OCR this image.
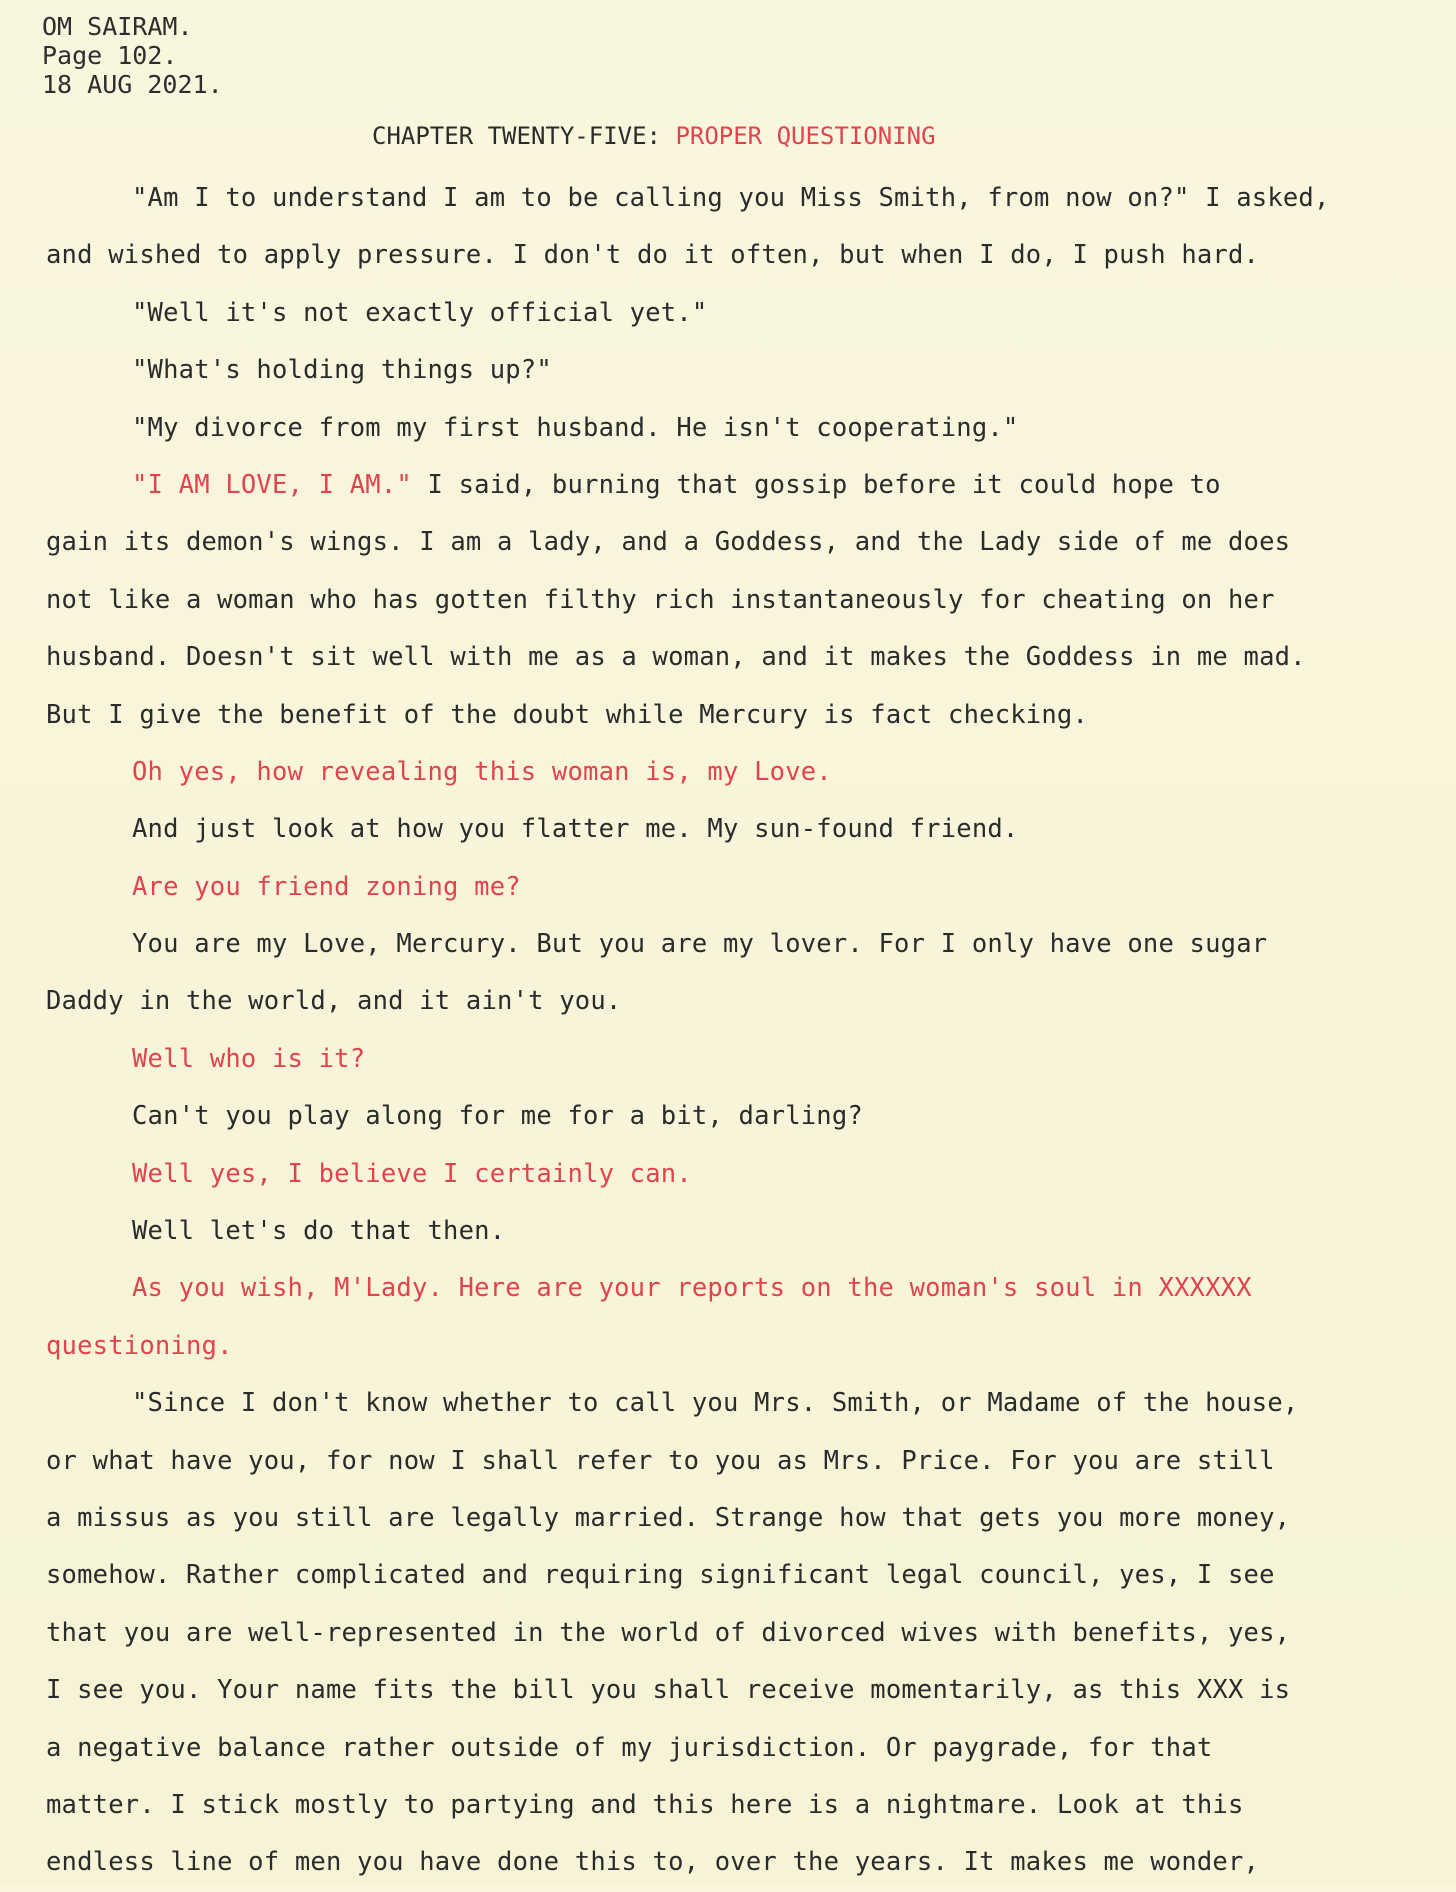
OM SAIRAM.
Page 102.
18 AUG 2021.
CHAPTER TWENTY-FIVE: PROPER QUESTIONING
"Am I to understand I am to be calling you Miss Smith, from now on?" I asked,
and wished to apply pressure. I don't do it often, but when I do, I push hard.
"Well it's not exactly official yet."
"What's holding things up?"
"My divorce from my first husband. He isn't cooperating."
"I AM LOVE, I AM." I said, burning that gossip before it could hope to
gain its demon's wings. I am a lady, and a Goddess, and the Lady side of me does
not like a woman who has gotten filthy rich instantaneously for cheating on her
husband. Doesn't sit well with me as a woman, and it makes the Goddess in me mad.
But I give the benefit of the doubt while Mercury is fact checking.
Oh yes, how revealing this woman is, my Love.
And just look at how you flatter me. My sun-found friend.
Are you friend zoning me?
You are my Love, Mercury. But you are my lover. For I only have one sugar
Daddy in the world, and it ain't you.
Well who is it?
Can't you play along for me for a bit, darling?
Well yes, I believe I certainly can.
Well let's do that then.
As you wish, M'Lady. Here are your reports on the woman's soul in XXXXXX
questioning.
"Since I don't know whether to call you Mrs. Smith, or Madame of the house,
or what have you, for now I shall refer to you as Mrs. Price. For you are still
a missus as you still are legally married. Strange how that gets you more money,
somehow. Rather complicated and requiring significant legal council, yes, I see
that you are well-represented in the world of divorced wives with benefits, yes,
I see you. Your name fits the bill you shall receive momentarily, as this XXX is
a negative balance rather outside of my jurisdiction. Or paygrade, for that
matter. I stick mostly to partying and this here is a nightmare. Look at this
endless line of men you have done this to, over the years. It makes me wonder,
